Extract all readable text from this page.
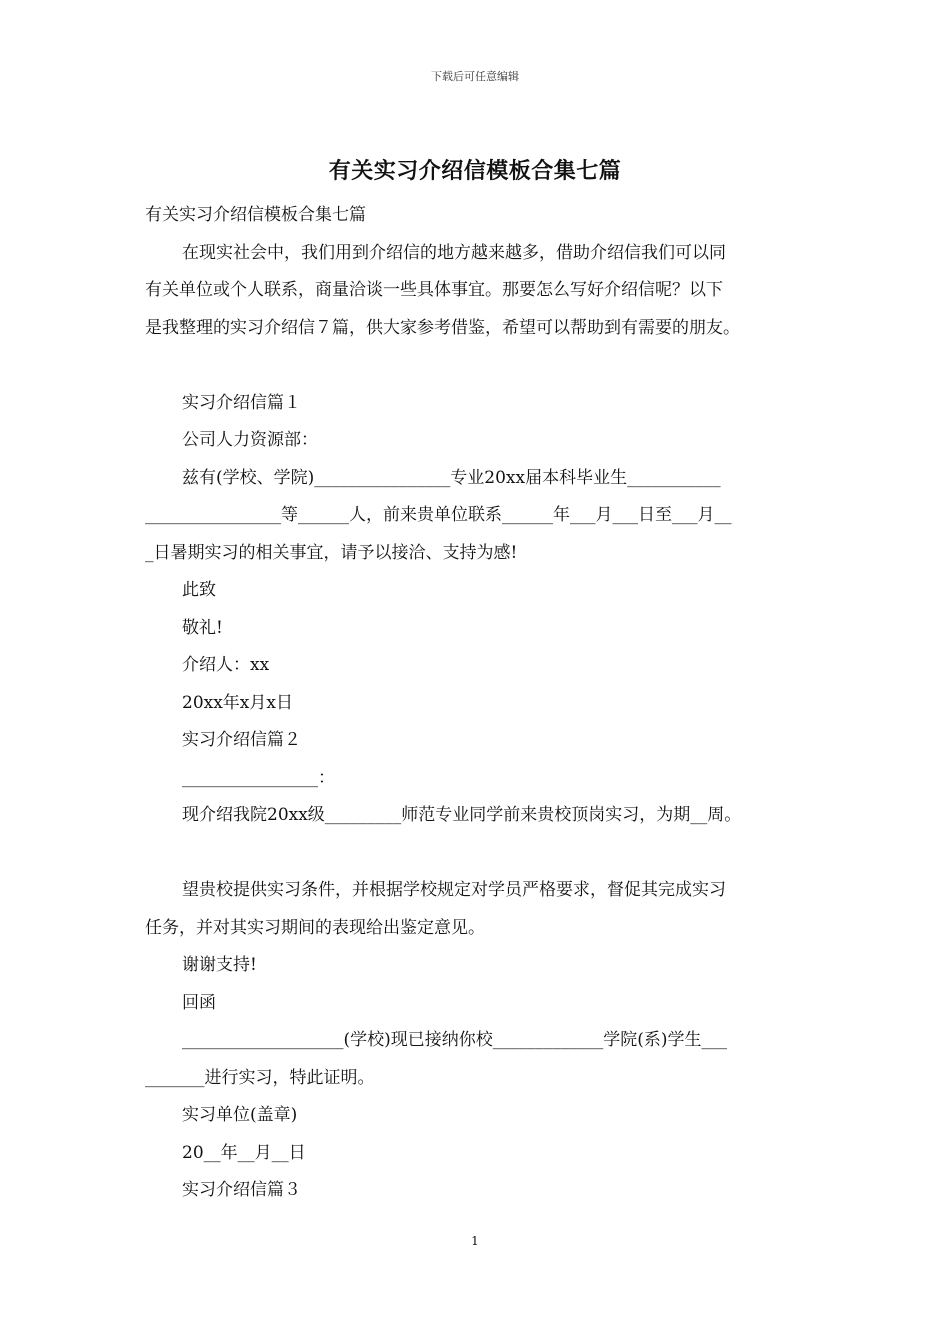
下载后可任意编辑
有关实习介绍信模板合集七篇

有关实习介绍信模板合集七篇

在现实社会中，我们用到介绍信的地方越来越多，借助介绍信我们可以同

有关单位或个人联系，商量洽谈一些具体事宜。那要怎么写好介绍信呢？以下

是我整理的实习介绍信７篇，供大家参考借鉴，希望可以帮助到有需要的朋友。

实习介绍信篇１

公司人力资源部：

兹有(学校、学院)________________专业20xx届本科毕业生___________

________________等______人，前来贵单位联系______年___月___日至___月__

_日暑期实习的相关事宜，请予以接洽、支持为感!

此致

敬礼!

介绍人：xx

20xx年x月x日

实习介绍信篇２

________________：

现介绍我院20xx级_________师范专业同学前来贵校顶岗实习，为期__周。

望贵校提供实习条件，并根据学校规定对学员严格要求，督促其完成实习

任务，并对其实习期间的表现给出鉴定意见。

谢谢支持!

回函

___________________(学校)现已接纳你校_____________学院(系)学生___

_______进行实习，特此证明。

实习单位(盖章)

20__年__月__日

实习介绍信篇３

1
